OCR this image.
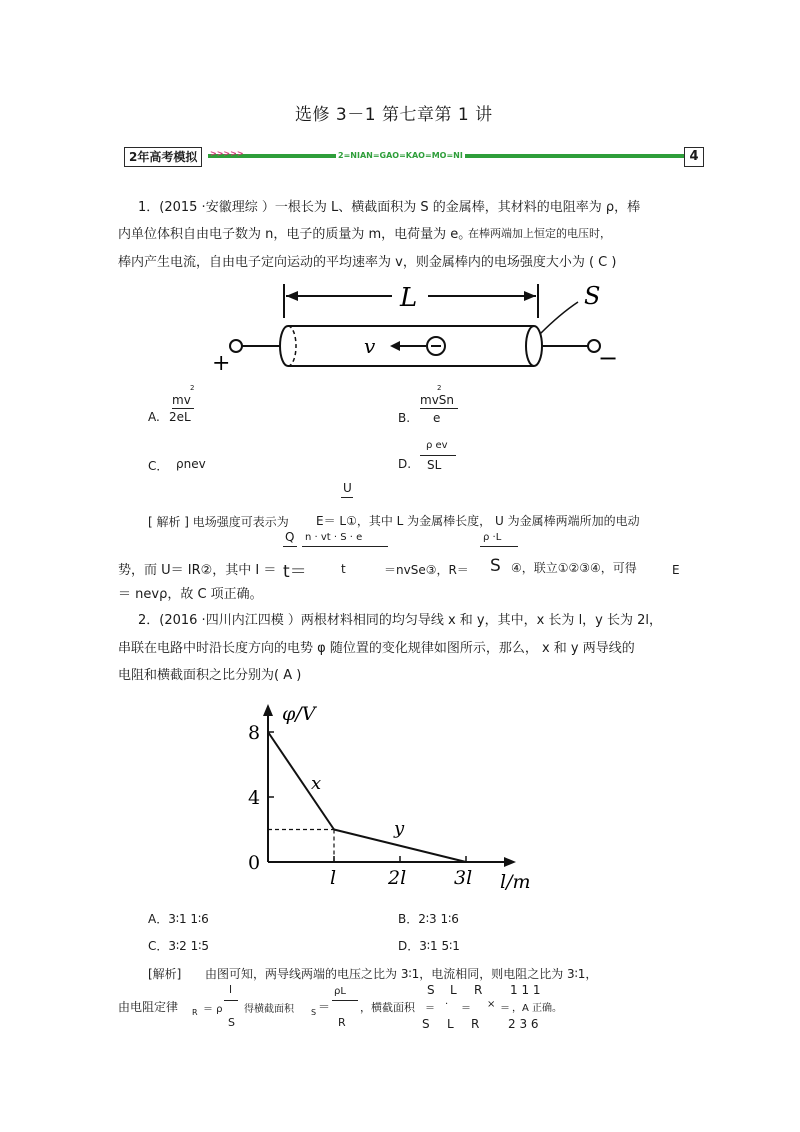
选修 3－1 第七章第 1 讲
2年高考模拟	>>>>>	2=NIAN=GAO=KAO=MO=NI	4
1．(2015 ·安徽理综 ）一根长为 L、横截面积为 S 的金属棒，其材料的电阻率为 ρ，棒
内单位体积自由电子数为 n，电子的质量为 m，电荷量为 e。
在棒两端加上恒定的电压时，
棒内产生电流，自由电子定向运动的平均速率为 v，则金属棒内的电场强度大小为 ( C )
L
+	−
S
v
mv
2
A. 2eL
2
mvSn
B. e
C． ρnev
ρ ev
D. SL
U
[ 解析 ] 电场强度可表示为 E＝ L①，其中 L 为金属棒长度， U 为金属棒两端所加的电动
Q n · vt · S · e	ρ ·L
势，而 U＝ IR②，其中 I ＝ t＝	t	＝nvSe③，R＝ S ④，联立①②③④，可得	E
＝ nevρ，故 C 项正确。
2．(2016 ·四川内江四模 ）两根材料相同的均匀导线 x 和 y，其中，x 长为 l，y 长为 2l，
串联在电路中时沿长度方向的电势 φ 随位置的变化规律如图所示，那么， x 和 y 两导线的
电阻和横截面积之比分别为( A )
φ/V
l/m
8
4
0
l	2l	3l
x
y
A．3∶1 1∶6	B．2∶3 1∶6
C．3∶2 1∶5	D．3∶1 5∶1
[解析] 由图可知，两导线两端的电压之比为 3∶1，电流相同，则电阻之比为 3∶1，
l
S
ρL
R
S L R 1 1 1
由电阻定律 R ＝ ρ 得横截面积 S ＝	，横截面积 ＝ · ＝ × ＝ ，A 正确。
S L R 2 3 6
